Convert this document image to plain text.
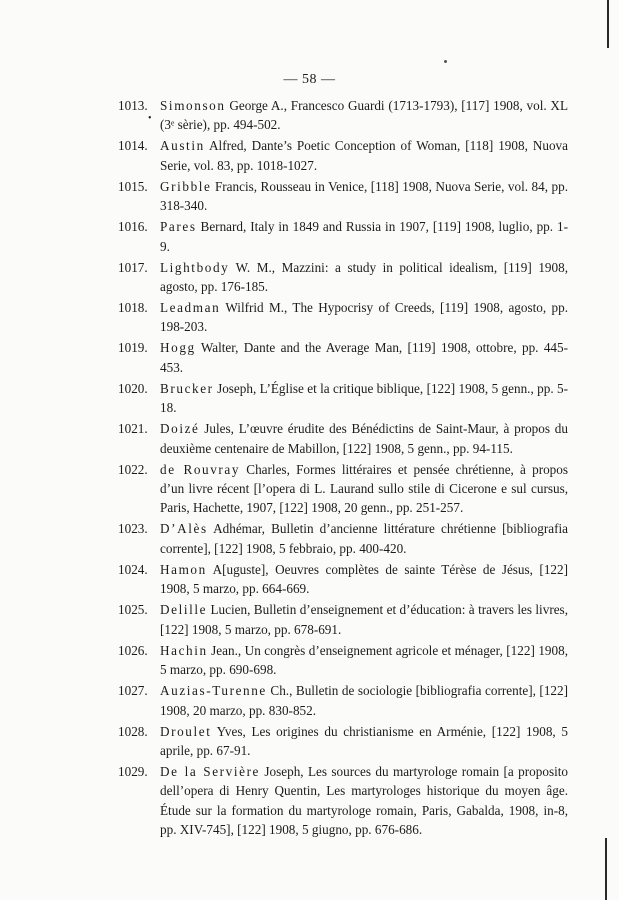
— 58 —
1013.
•
Simonson George A., Francesco Guardi (1713-1793), [117] 1908, vol. XL (3ᵉ sèrie), pp. 494-502.
1014. Austin Alfred, Dante’s Poetic Conception of Woman, [118] 1908, Nuova Serie, vol. 83, pp. 1018-1027.
1015. Gribble Francis, Rousseau in Venice, [118] 1908, Nuova Serie, vol. 84, pp. 318-340.
1016. Pares Bernard, Italy in 1849 and Russia in 1907, [119] 1908, luglio, pp. 1-9.
1017. Lightbody W. M., Mazzini: a study in political idealism, [119] 1908, agosto, pp. 176-185.
1018. Leadman Wilfrid M., The Hypocrisy of Creeds, [119] 1908, agosto, pp. 198-203.
1019. Hogg Walter, Dante and the Average Man, [119] 1908, ottobre, pp. 445-453.
1020. Brucker Joseph, L’Église et la critique biblique, [122] 1908, 5 genn., pp. 5-18.
1021. Doizé Jules, L’œuvre érudite des Bénédictins de Saint-Maur, à propos du deuxième centenaire de Mabillon, [122] 1908, 5 genn., pp. 94-115.
1022. de Rouvray Charles, Formes littéraires et pensée chrétienne, à propos d’un livre récent [l’opera di L. Laurand sullo stile di Cicerone e sul cursus, Paris, Hachette, 1907, [122] 1908, 20 genn., pp. 251-257.
1023. D’Alès Adhémar, Bulletin d’ancienne littérature chrétienne [bibliografia corrente], [122] 1908, 5 febbraio, pp. 400-420.
1024. Hamon A[uguste], Oeuvres complètes de sainte Térèse de Jésus, [122] 1908, 5 marzo, pp. 664-669.
1025. Delille Lucien, Bulletin d’enseignement et d’éducation: à travers les livres, [122] 1908, 5 marzo, pp. 678-691.
1026. Hachin Jean., Un congrès d’enseignement agricole et ménager, [122] 1908, 5 marzo, pp. 690-698.
1027. Auzias-Turenne Ch., Bulletin de sociologie [bibliografia corrente], [122] 1908, 20 marzo, pp. 830-852.
1028. Droulet Yves, Les origines du christianisme en Arménie, [122] 1908, 5 aprile, pp. 67-91.
1029. De la Servière Joseph, Les sources du martyrologe romain [a proposito dell’opera di Henry Quentin, Les martyrologes historique du moyen âge. Étude sur la formation du martyrologe romain, Paris, Gabalda, 1908, in-8, pp. XIV-745], [122] 1908, 5 giugno, pp. 676-686.
